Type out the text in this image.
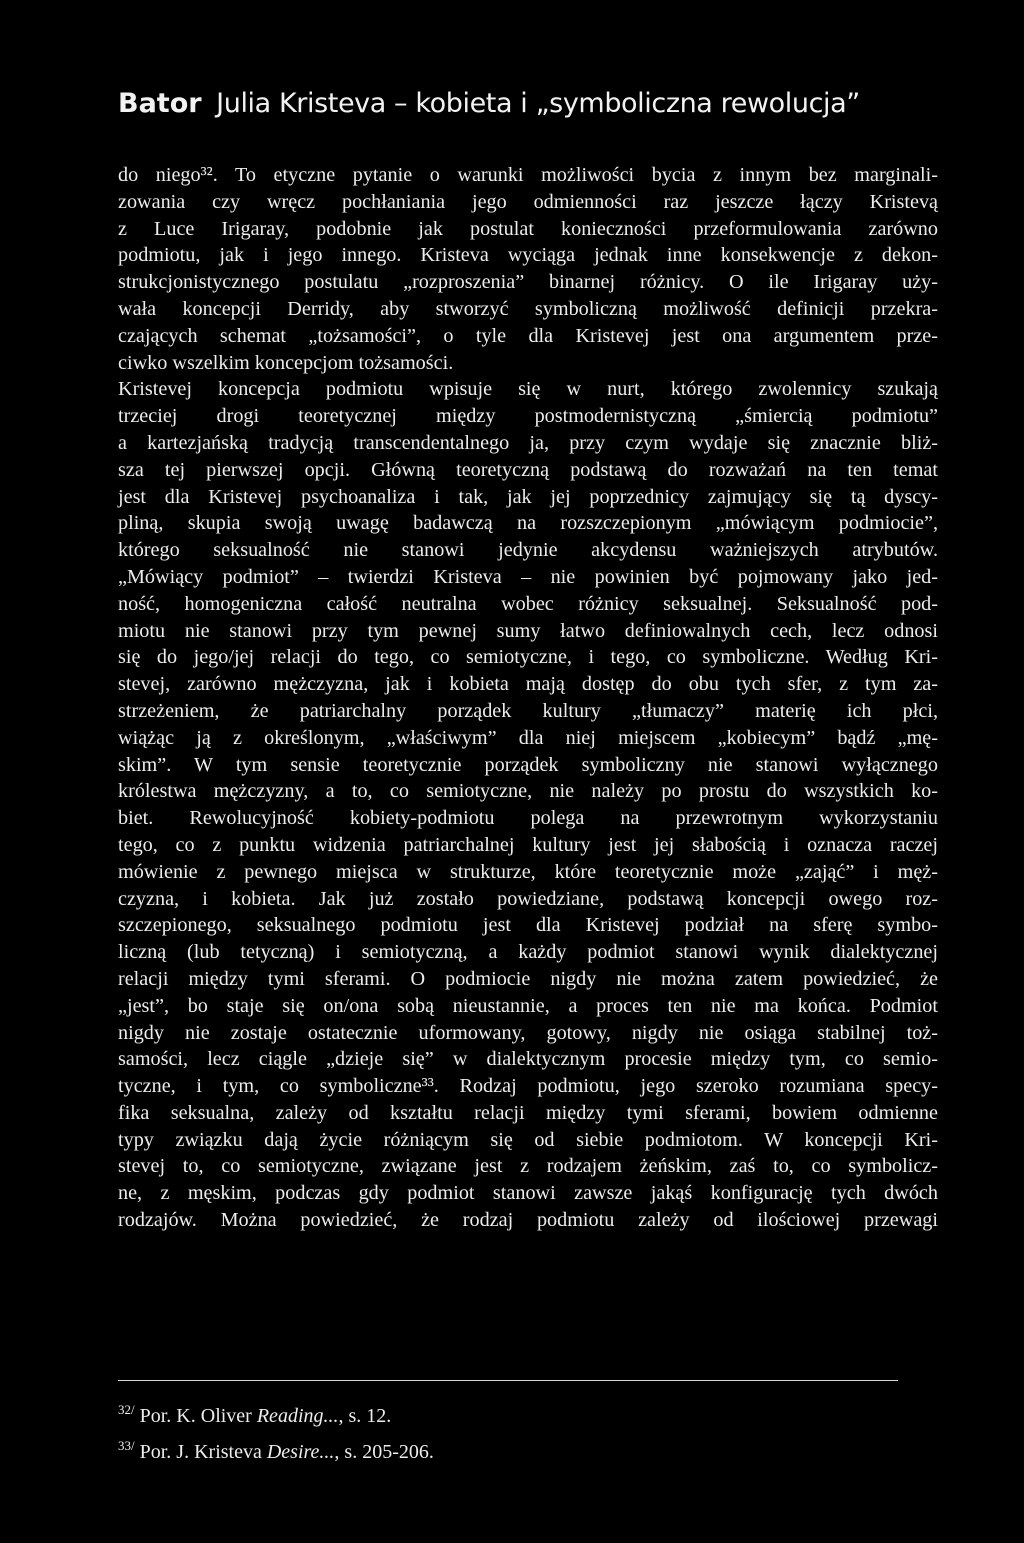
Bator Julia Kristeva – kobieta i „symboliczna rewolucja”
do niego³². To etyczne pytanie o warunki możliwości bycia z innym bez marginali-
zowania czy wręcz pochłaniania jego odmienności raz jeszcze łączy Kristevą
z Luce Irigaray, podobnie jak postulat konieczności przeformulowania zarówno
podmiotu, jak i jego innego. Kristeva wyciąga jednak inne konsekwencje z dekon-
strukcjonistycznego postulatu „rozproszenia” binarnej różnicy. O ile Irigaray uży-
wała koncepcji Derridy, aby stworzyć symboliczną możliwość definicji przekra-
czających schemat „tożsamości”, o tyle dla Kristevej jest ona argumentem prze-
ciwko wszelkim koncepcjom tożsamości.
Kristevej koncepcja podmiotu wpisuje się w nurt, którego zwolennicy szukają
trzeciej drogi teoretycznej między postmodernistyczną „śmiercią podmiotu”
a kartezjańską tradycją transcendentalnego ja, przy czym wydaje się znacznie bliż-
sza tej pierwszej opcji. Główną teoretyczną podstawą do rozważań na ten temat
jest dla Kristevej psychoanaliza i tak, jak jej poprzednicy zajmujący się tą dyscy-
pliną, skupia swoją uwagę badawczą na rozszczepionym „mówiącym podmiocie”,
którego seksualność nie stanowi jedynie akcydensu ważniejszych atrybutów.
„Mówiący podmiot” – twierdzi Kristeva – nie powinien być pojmowany jako jed-
ność, homogeniczna całość neutralna wobec różnicy seksualnej. Seksualność pod-
miotu nie stanowi przy tym pewnej sumy łatwo definiowalnych cech, lecz odnosi
się do jego/jej relacji do tego, co semiotyczne, i tego, co symboliczne. Według Kri-
stevej, zarówno mężczyzna, jak i kobieta mają dostęp do obu tych sfer, z tym za-
strzeżeniem, że patriarchalny porządek kultury „tłumaczy” materię ich płci,
wiążąc ją z określonym, „właściwym” dla niej miejscem „kobiecym” bądź „mę-
skim”. W tym sensie teoretycznie porządek symboliczny nie stanowi wyłącznego
królestwa mężczyzny, a to, co semiotyczne, nie należy po prostu do wszystkich ko-
biet. Rewolucyjność kobiety-podmiotu polega na przewrotnym wykorzystaniu
tego, co z punktu widzenia patriarchalnej kultury jest jej słabością i oznacza raczej
mówienie z pewnego miejsca w strukturze, które teoretycznie może „zająć” i męż-
czyzna, i kobieta. Jak już zostało powiedziane, podstawą koncepcji owego roz-
szczepionego, seksualnego podmiotu jest dla Kristevej podział na sferę symbo-
liczną (lub tetyczną) i semiotyczną, a każdy podmiot stanowi wynik dialektycznej
relacji między tymi sferami. O podmiocie nigdy nie można zatem powiedzieć, że
„jest”, bo staje się on/ona sobą nieustannie, a proces ten nie ma końca. Podmiot
nigdy nie zostaje ostatecznie uformowany, gotowy, nigdy nie osiąga stabilnej toż-
samości, lecz ciągle „dzieje się” w dialektycznym procesie między tym, co semio-
tyczne, i tym, co symboliczne³³. Rodzaj podmiotu, jego szeroko rozumiana specy-
fika seksualna, zależy od kształtu relacji między tymi sferami, bowiem odmienne
typy związku dają życie różniącym się od siebie podmiotom. W koncepcji Kri-
stevej to, co semiotyczne, związane jest z rodzajem żeńskim, zaś to, co symbolicz-
ne, z męskim, podczas gdy podmiot stanowi zawsze jakąś konfigurację tych dwóch
rodzajów. Można powiedzieć, że rodzaj podmiotu zależy od ilościowej przewagi
$^{32/}$ Por. K. Oliver Reading..., s. 12.
$^{33/}$ Por. J. Kristeva Desire..., s. 205-206.
